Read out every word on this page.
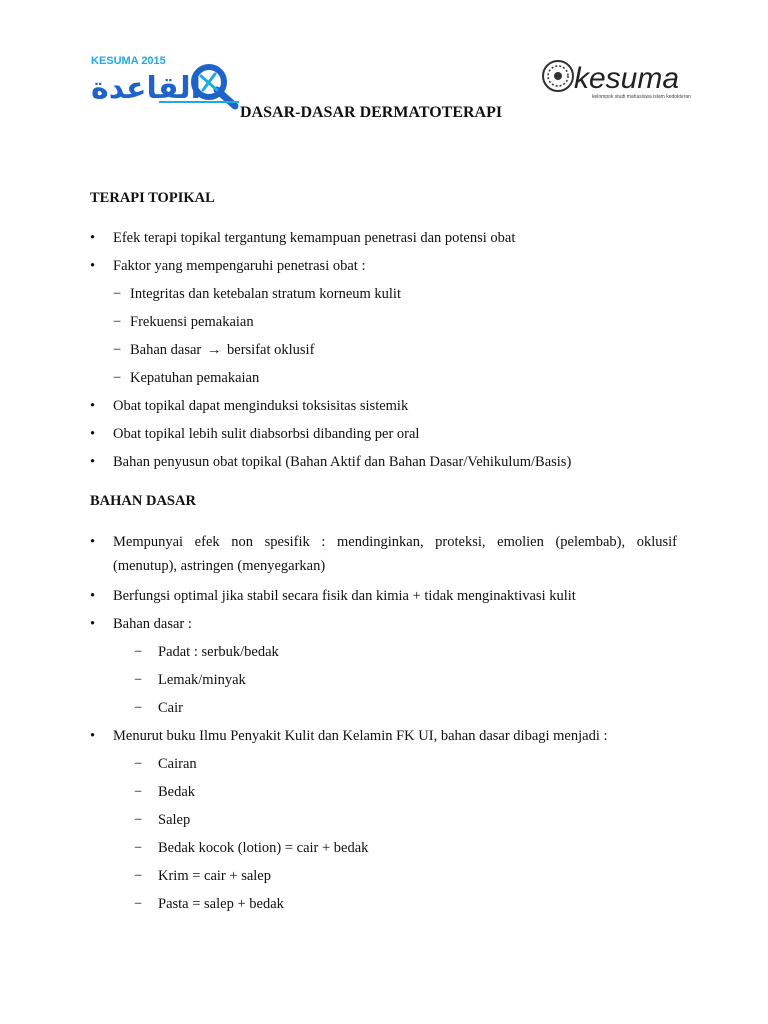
KESUMA 2015
القاعدة	kesuma
kelompok studi mahasiswa islam kedokteran
DASAR-DASAR DERMATOTERAPI
TERAPI TOPIKAL
• Efek terapi topikal tergantung kemampuan penetrasi dan potensi obat
• Faktor yang mempengaruhi penetrasi obat :
− Integritas dan ketebalan stratum korneum kulit
− Frekuensi pemakaian
− Bahan dasar → bersifat oklusif
− Kepatuhan pemakaian
• Obat topikal dapat menginduksi toksisitas sistemik
• Obat topikal lebih sulit diabsorbsi dibanding per oral
• Bahan penyusun obat topikal (Bahan Aktif dan Bahan Dasar/Vehikulum/Basis)
BAHAN DASAR
• Mempunyai efek non spesifik : mendinginkan, proteksi, emolien (pelembab), oklusif
(menutup), astringen (menyegarkan)
• Berfungsi optimal jika stabil secara fisik dan kimia + tidak menginaktivasi kulit
• Bahan dasar :
− Padat : serbuk/bedak
− Lemak/minyak
− Cair
• Menurut buku Ilmu Penyakit Kulit dan Kelamin FK UI, bahan dasar dibagi menjadi :
− Cairan
− Bedak
− Salep
− Bedak kocok (lotion) = cair + bedak
− Krim = cair + salep
− Pasta = salep + bedak
